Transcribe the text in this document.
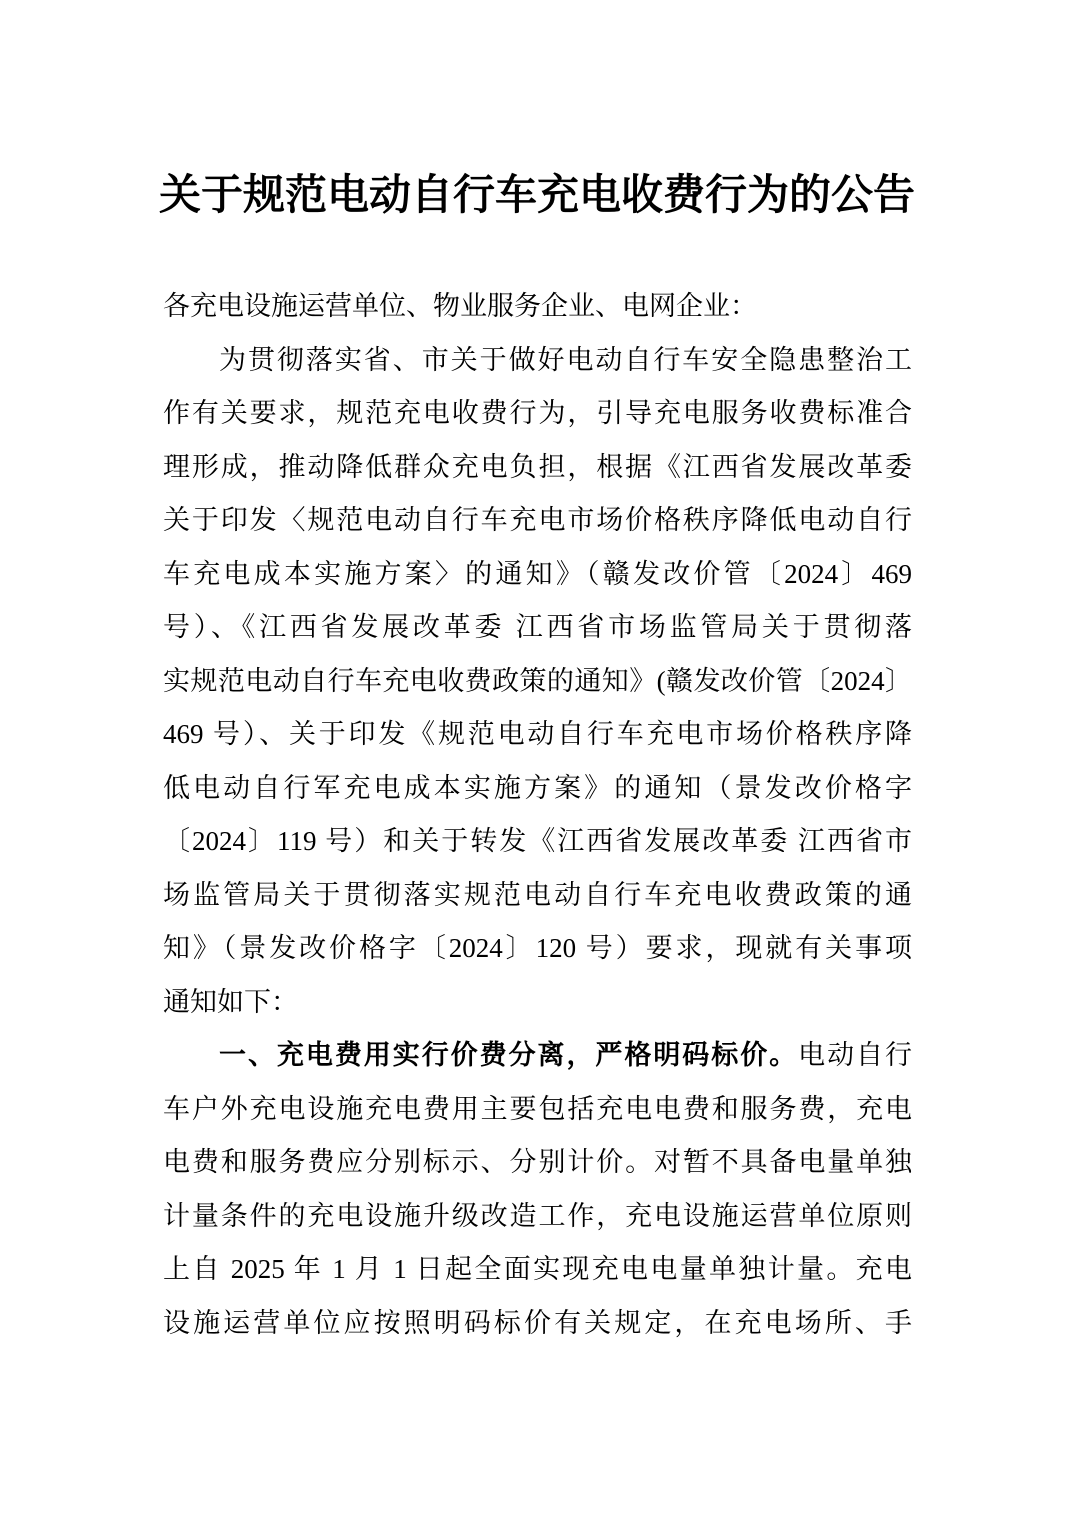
关于规范电动自行车充电收费行为的公告
各充电设施运营单位、物业服务企业、电网企业：
为贯彻落实省、市关于做好电动自行车安全隐患整治工
作有关要求，规范充电收费行为，引导充电服务收费标准合
理形成，推动降低群众充电负担，根据《江西省发展改革委
关于印发〈规范电动自行车充电市场价格秩序降低电动自行
车充电成本实施方案〉的通知》（赣发改价管〔2024〕469
号）、《江西省发展改革委 江西省市场监管局关于贯彻落
实规范电动自行车充电收费政策的通知》(赣发改价管〔2024〕
469 号）、关于印发《规范电动自行车充电市场价格秩序降
低电动自行军充电成本实施方案》的通知（景发改价格字
〔2024〕119 号）和关于转发《江西省发展改革委 江西省市
场监管局关于贯彻落实规范电动自行车充电收费政策的通
知》（景发改价格字〔2024〕120 号）要求，现就有关事项
通知如下：
一、充电费用实行价费分离，严格明码标价。电动自行
车户外充电设施充电费用主要包括充电电费和服务费，充电
电费和服务费应分别标示、分别计价。对暂不具备电量单独
计量条件的充电设施升级改造工作，充电设施运营单位原则
上自 2025 年 1 月 1 日起全面实现充电电量单独计量。充电
设施运营单位应按照明码标价有关规定，在充电场所、手
